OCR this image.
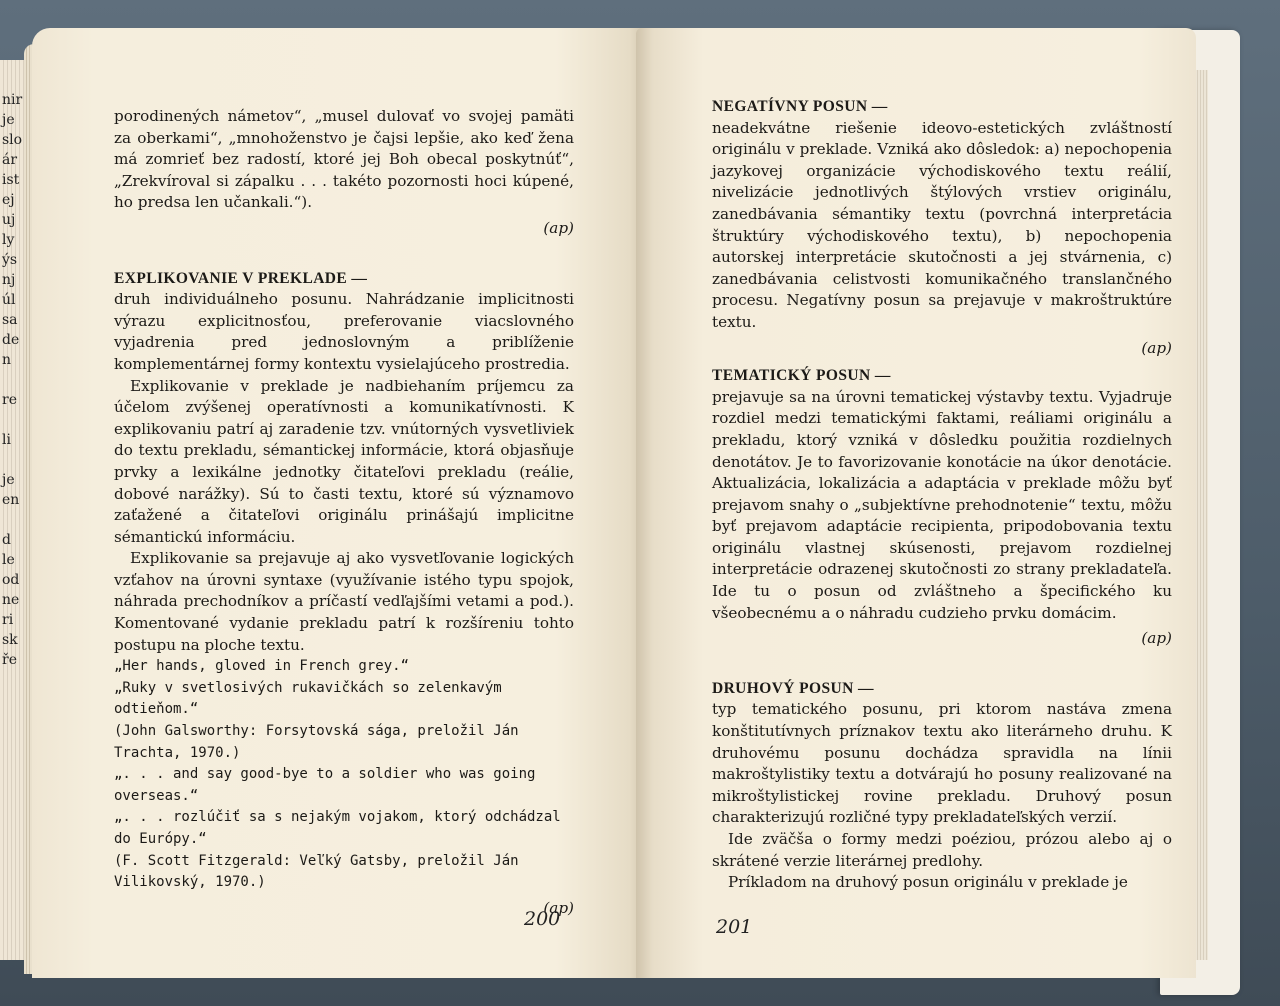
nir
je
slo
ár
ist
ej
uj
ly
ýs
nj
úl
sa
de
n

re

li

je
en

d
le
od
ne
ri
sk
ře

porodinených námetov“, „musel dulovať vo svojej pamäti za oberkami“, „mnohoženstvo je čajsi lepšie, ako keď žena má zomrieť bez radostí, ktoré jej Boh obecal poskytnúť“, „Zrekvíroval si zápalku . . . takéto pozornosti hoci kúpené, ho predsa len učankali.“).

(ap)

EXPLIKOVANIE V PREKLADE —

druh individuálneho posunu. Nahrádzanie implicitnosti výrazu explicitnosťou, preferovanie viacslovného vyjadrenia pred jednoslovným a priblíženie komplementárnej formy kontextu vysielajúceho prostredia.

Explikovanie v preklade je nadbiehaním príjemcu za účelom zvýšenej operatívnosti a komunikatívnosti. K explikovaniu patrí aj zaradenie tzv. vnútorných vysvetliviek do textu prekladu, sémantickej informácie, ktorá objasňuje prvky a lexikálne jednotky čitateľovi prekladu (reálie, dobové narážky). Sú to časti textu, ktoré sú významovo zaťažené a čitateľovi originálu prinášajú implicitne sémantickú informáciu.

Explikovanie sa prejavuje aj ako vysvetľovanie logických vzťahov na úrovni syntaxe (využívanie istého typu spojok, náhrada prechodníkov a príčastí vedľajšími vetami a pod.). Komentované vydanie prekladu patrí k rozšíreniu tohto postupu na ploche textu.

„Her hands, gloved in French grey.“

„Ruky v svetlosivých rukavičkách so zelenkavým odtieňom.“

(John Galsworthy: Forsytovská sága, preložil Ján Trachta, 1970.)

„. . . and say good-bye to a soldier who was going overseas.“

„. . . rozlúčiť sa s nejakým vojakom, ktorý odchádzal do Európy.“

(F. Scott Fitzgerald: Veľký Gatsby, preložil Ján Vilikovský, 1970.)

(ap)

200

NEGATÍVNY POSUN —

neadekvátne riešenie ideovo-estetických zvláštností originálu v preklade. Vzniká ako dôsledok: a) nepochopenia jazykovej organizácie východiskového textu reálií, nivelizácie jednotlivých štýlových vrstiev originálu, zanedbávania sémantiky textu (povrchná interpretácia štruktúry východiskového textu), b) nepochopenia autorskej interpretácie skutočnosti a jej stvárnenia, c) zanedbávania celistvosti komunikačného translančného procesu. Negatívny posun sa prejavuje v makroštruktúre textu.

(ap)

TEMATICKÝ POSUN —

prejavuje sa na úrovni tematickej výstavby textu. Vyjadruje rozdiel medzi tematickými faktami, reáliami originálu a prekladu, ktorý vzniká v dôsledku použitia rozdielnych denotátov. Je to favorizovanie konotácie na úkor denotácie. Aktualizácia, lokalizácia a adaptácia v preklade môžu byť prejavom snahy o „subjektívne prehodnotenie“ textu, môžu byť prejavom adaptácie recipienta, pripodobovania textu originálu vlastnej skúsenosti, prejavom rozdielnej interpretácie odrazenej skutočnosti zo strany prekladateľa. Ide tu o posun od zvláštneho a špecifického ku všeobecnému a o náhradu cudzieho prvku domácim.

(ap)

DRUHOVÝ POSUN —

typ tematického posunu, pri ktorom nastáva zmena konštitutívnych príznakov textu ako literárneho druhu. K druhovému posunu dochádza spravidla na línii makroštylistiky textu a dotvárajú ho posuny realizované na mikroštylistickej rovine prekladu. Druhový posun charakterizujú rozličné typy prekladateľských verzií.

Ide zväčša o formy medzi poéziou, prózou alebo aj o skrátené verzie literárnej predlohy.

Príkladom na druhový posun originálu v preklade je

201
